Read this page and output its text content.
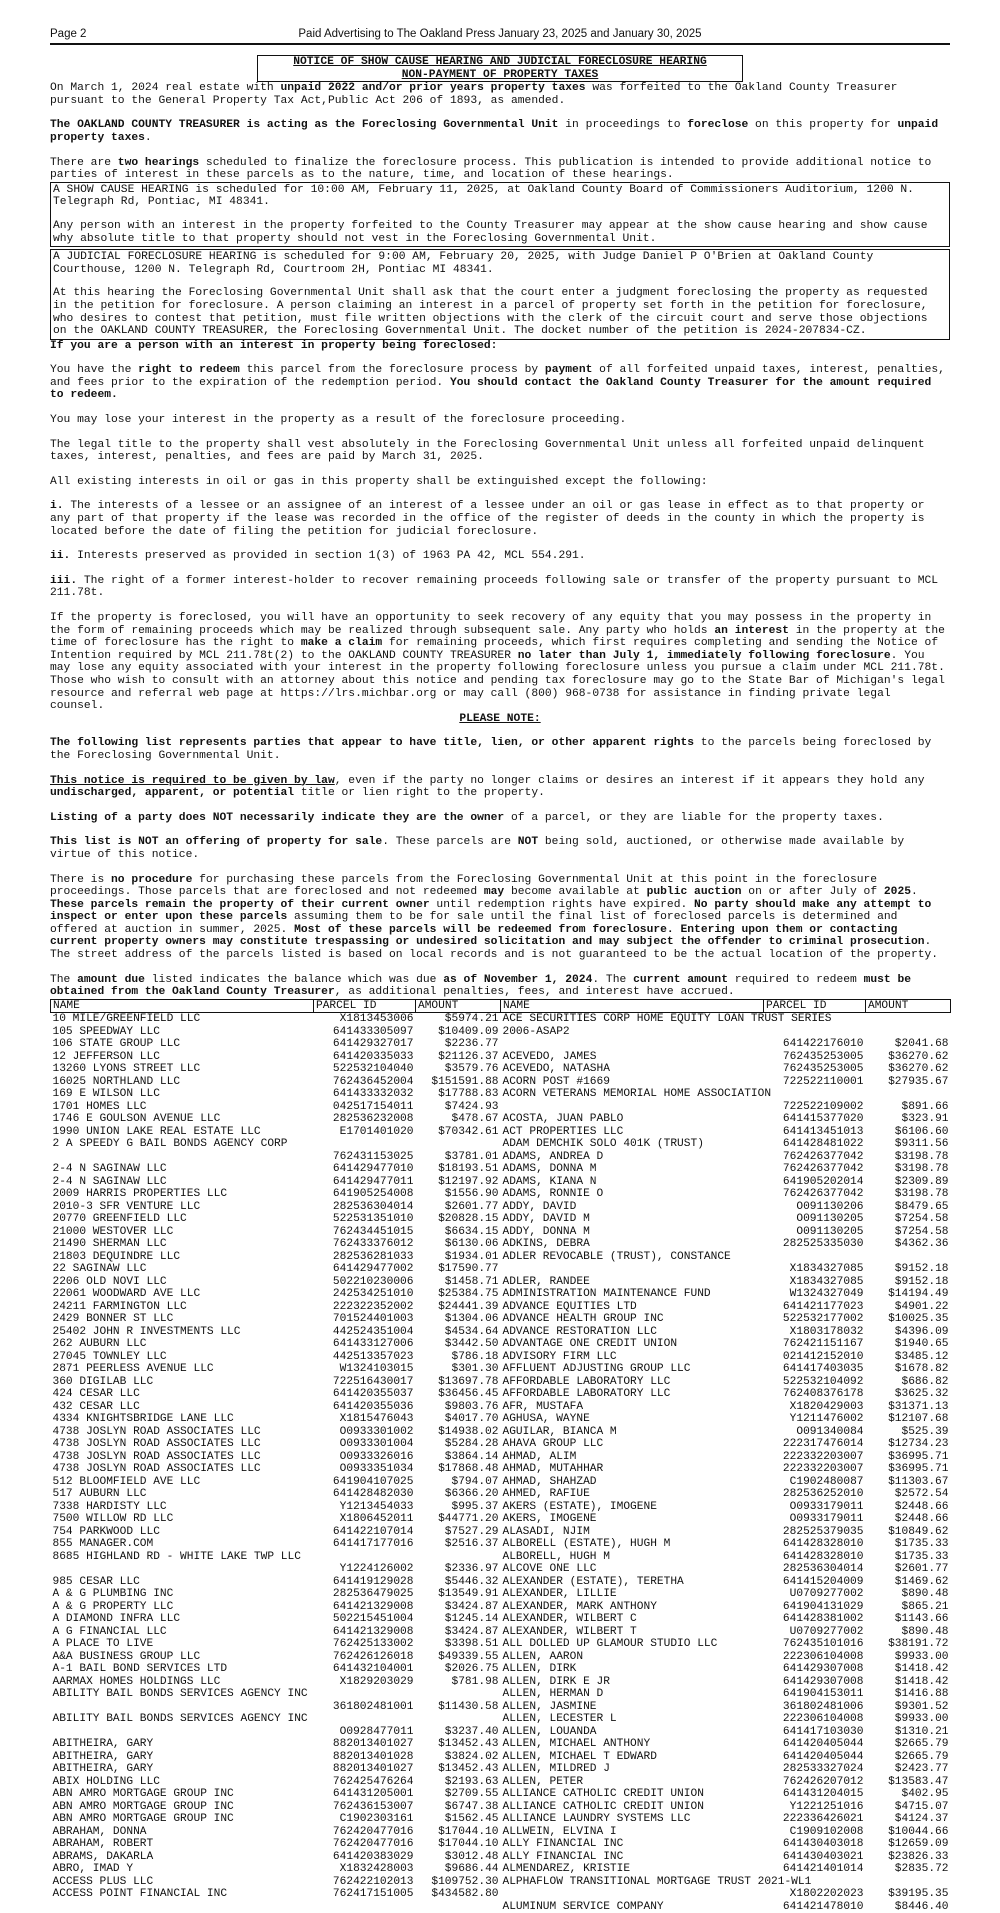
Page 2	Paid Advertising to The Oakland Press January 23, 2025 and January 30, 2025
NOTICE OF SHOW CAUSE HEARING AND JUDICIAL FORECLOSURE HEARING
NON-PAYMENT OF PROPERTY TAXES

On March 1, 2024 real estate with unpaid 2022 and/or prior years property taxes was forfeited to the Oakland County Treasurer pursuant to the General Property Tax Act,Public Act 206 of 1893, as amended.

The OAKLAND COUNTY TREASURER is acting as the Foreclosing Governmental Unit in proceedings to foreclose on this property for unpaid property taxes.

There are two hearings scheduled to finalize the foreclosure process. This publication is intended to provide additional notice to parties of interest in these parcels as to the nature, time, and location of these hearings.

A SHOW CAUSE HEARING is scheduled for 10:00 AM, February 11, 2025, at Oakland County Board of Commissioners Auditorium, 1200 N. Telegraph Rd, Pontiac, MI 48341.

Any person with an interest in the property forfeited to the County Treasurer may appear at the show cause hearing and show cause why absolute title to that property should not vest in the Foreclosing Governmental Unit.

A JUDICIAL FORECLOSURE HEARING is scheduled for 9:00 AM, February 20, 2025, with Judge Daniel P O'Brien at Oakland County Courthouse, 1200 N. Telegraph Rd, Courtroom 2H, Pontiac MI 48341.

At this hearing the Foreclosing Governmental Unit shall ask that the court enter a judgment foreclosing the property as requested in the petition for foreclosure. A person claiming an interest in a parcel of property set forth in the petition for foreclosure, who desires to contest that petition, must file written objections with the clerk of the circuit court and serve those objections on the OAKLAND COUNTY TREASURER, the Foreclosing Governmental Unit. The docket number of the petition is 2024-207834-CZ.

If you are a person with an interest in property being foreclosed:

You have the right to redeem this parcel from the foreclosure process by payment of all forfeited unpaid taxes, interest, penalties, and fees prior to the expiration of the redemption period. You should contact the Oakland County Treasurer for the amount required to redeem.

You may lose your interest in the property as a result of the foreclosure proceeding.

The legal title to the property shall vest absolutely in the Foreclosing Governmental Unit unless all forfeited unpaid delinquent taxes, interest, penalties, and fees are paid by March 31, 2025.

All existing interests in oil or gas in this property shall be extinguished except the following:

i. The interests of a lessee or an assignee of an interest of a lessee under an oil or gas lease in effect as to that property or any part of that property if the lease was recorded in the office of the register of deeds in the county in which the property is located before the date of filing the petition for judicial foreclosure.

ii. Interests preserved as provided in section 1(3) of 1963 PA 42, MCL 554.291.

iii. The right of a former interest-holder to recover remaining proceeds following sale or transfer of the property pursuant to MCL 211.78t.

If the property is foreclosed, you will have an opportunity to seek recovery of any equity that you may possess in the property in the form of remaining proceeds which may be realized through subsequent sale. Any party who holds an interest in the property at the time of foreclosure has the right to make a claim for remaining proceeds, which first requires completing and sending the Notice of Intention required by MCL 211.78t(2) to the OAKLAND COUNTY TREASURER no later than July 1, immediately following foreclosure. You may lose any equity associated with your interest in the property following foreclosure unless you pursue a claim under MCL 211.78t. Those who wish to consult with an attorney about this notice and pending tax foreclosure may go to the State Bar of Michigan's legal resource and referral web page at https://lrs.michbar.org or may call (800) 968-0738 for assistance in finding private legal counsel.

PLEASE NOTE:

The following list represents parties that appear to have title, lien, or other apparent rights to the parcels being foreclosed by the Foreclosing Governmental Unit.

This notice is required to be given by law, even if the party no longer claims or desires an interest if it appears they hold any undischarged, apparent, or potential title or lien right to the property.

Listing of a party does NOT necessarily indicate they are the owner of a parcel, or they are liable for the property taxes.

This list is NOT an offering of property for sale. These parcels are NOT being sold, auctioned, or otherwise made available by virtue of this notice.

There is no procedure for purchasing these parcels from the Foreclosing Governmental Unit at this point in the foreclosure proceedings. Those parcels that are foreclosed and not redeemed may become available at public auction on or after July of 2025. These parcels remain the property of their current owner until redemption rights have expired. No party should make any attempt to inspect or enter upon these parcels assuming them to be for sale until the final list of foreclosed parcels is determined and offered at auction in summer, 2025. Most of these parcels will be redeemed from foreclosure. Entering upon them or contacting current property owners may constitute trespassing or undesired solicitation and may subject the offender to criminal prosecution. The street address of the parcels listed is based on local records and is not guaranteed to be the actual location of the property.

The amount due listed indicates the balance which was due as of November 1, 2024. The current amount required to redeem must be obtained from the Oakland County Treasurer, as additional penalties, fees, and interest have accrued.

NAME	PARCEL ID	AMOUNT	NAME	PARCEL ID	AMOUNT
10 MILE/GREENFIELD LLC	X1813453006	$5974.21	ACE SECURITIES CORP HOME EQUITY LOAN TRUST SERIES		
105 SPEEDWAY LLC	641433305097	$10409.09	2006-ASAP2		
106 STATE GROUP LLC	641429327017	$2236.77		641422176010	$2041.68
12 JEFFERSON LLC	641420335033	$21126.37	ACEVEDO, JAMES	762435253005	$36270.62
13260 LYONS STREET LLC	522532104040	$3579.76	ACEVEDO, NATASHA	762435253005	$36270.62
16025 NORTHLAND LLC	762436452004	$151591.88	ACORN POST #1669	722522110001	$27935.67
169 E WILSON LLC	641433332032	$17788.83	ACORN VETERANS MEMORIAL HOME ASSOCIATION		
1701 HOMES LLC	042517154011	$7424.93		722522109002	$891.66
1746 E GOULSON AVENUE LLC	282536232008	$478.67	ACOSTA, JUAN PABLO	641415377020	$323.91
1990 UNION LAKE REAL ESTATE LLC	E1701401020	$70342.61	ACT PROPERTIES LLC	641413451013	$6106.60
2 A SPEEDY G BAIL BONDS AGENCY CORP			ADAM DEMCHIK SOLO 401K (TRUST)	641428481022	$9311.56
	762431153025	$3781.01	ADAMS, ANDREA D	762426377042	$3198.78
2-4 N SAGINAW LLC	641429477010	$18193.51	ADAMS, DONNA M	762426377042	$3198.78
2-4 N SAGINAW LLC	641429477011	$12197.92	ADAMS, KIANA N	641905202014	$2309.89
2009 HARRIS PROPERTIES LLC	641905254008	$1556.90	ADAMS, RONNIE O	762426377042	$3198.78
2010-3 SFR VENTURE LLC	282536304014	$2601.77	ADDY, DAVID	O091130206	$8479.65
20770 GREENFIELD LLC	522531351010	$20828.15	ADDY, DAVID M	O091130205	$7254.58
21000 WESTOVER LLC	762434451015	$6634.15	ADDY, DONNA M	O091130205	$7254.58
21490 SHERMAN LLC	762433376012	$6130.06	ADKINS, DEBRA	282525335030	$4362.36
21803 DEQUINDRE LLC	282536281033	$1934.01	ADLER REVOCABLE (TRUST), CONSTANCE		
22 SAGINAW LLC	641429477002	$17590.77		X1834327085	$9152.18
2206 OLD NOVI LLC	502210230006	$1458.71	ADLER, RANDEE	X1834327085	$9152.18
22061 WOODWARD AVE LLC	242534251010	$25384.75	ADMINISTRATION MAINTENANCE FUND	W1324327049	$14194.49
24211 FARMINGTON LLC	222322352002	$24441.39	ADVANCE EQUITIES LTD	641421177023	$4901.22
2429 BONNER ST LLC	701524401003	$1304.06	ADVANCE HEALTH GROUP INC	522532177002	$10025.35
25402 JOHN R INVESTMENTS LLC	442524351004	$4534.64	ADVANCE RESTORATION LLC	X1803178032	$4396.09
262 AUBURN LLC	641433127006	$3442.50	ADVANTAGE ONE CREDIT UNION	762421151167	$1940.65
27045 TOWNLEY LLC	442513357023	$786.18	ADVISORY FIRM LLC	021412152010	$3485.12
2871 PEERLESS AVENUE LLC	W1324103015	$301.30	AFFLUENT ADJUSTING GROUP LLC	641417403035	$1678.82
360 DIGILAB LLC	722516430017	$13697.78	AFFORDABLE LABORATORY LLC	522532104092	$686.82
424 CESAR LLC	641420355037	$36456.45	AFFORDABLE LABORATORY LLC	762408376178	$3625.32
432 CESAR LLC	641420355036	$9803.76	AFR, MUSTAFA	X1820429003	$31371.13
4334 KNIGHTSBRIDGE LANE LLC	X1815476043	$4017.70	AGHUSA, WAYNE	Y1211476002	$12107.68
4738 JOSLYN ROAD ASSOCIATES LLC	O0933301002	$14938.02	AGUILAR, BIANCA M	O091340084	$525.39
4738 JOSLYN ROAD ASSOCIATES LLC	O0933301004	$5284.28	AHAVA GROUP LLC	222317476014	$12734.23
4738 JOSLYN ROAD ASSOCIATES LLC	O0933326016	$3864.14	AHMAD, ALIM	222332203007	$36995.71
4738 JOSLYN ROAD ASSOCIATES LLC	O0933351034	$17868.48	AHMAD, MUTAHHAR	222332203007	$36995.71
512 BLOOMFIELD AVE LLC	641904107025	$794.07	AHMAD, SHAHZAD	C1902480087	$11303.67
517 AUBURN LLC	641428482030	$6366.20	AHMED, RAFIUE	282536252010	$2572.54
7338 HARDISTY LLC	Y1213454033	$995.37	AKERS (ESTATE), IMOGENE	O0933179011	$2448.66
7500 WILLOW RD LLC	X1806452011	$44771.20	AKERS, IMOGENE	O0933179011	$2448.66
754 PARKWOOD LLC	641422107014	$7527.29	ALASADI, NJIM	282525379035	$10849.62
855 MANAGER.COM	641417177016	$2516.37	ALBORELL (ESTATE), HUGH M	641428328010	$1735.33
8685 HIGHLAND RD - WHITE LAKE TWP LLC			ALBORELL, HUGH M	641428328010	$1735.33
	Y1224126002	$2336.97	ALCOVE ONE LLC	282536304014	$2601.77
985 CESAR LLC	641419129028	$5446.32	ALEXANDER (ESTATE), TERETHA	641415204009	$1469.62
A & G PLUMBING INC	282536479025	$13549.91	ALEXANDER, LILLIE	U0709277002	$890.48
A & G PROPERTY LLC	641421329008	$3424.87	ALEXANDER, MARK ANTHONY	641904131029	$865.21
A DIAMOND INFRA LLC	502215451004	$1245.14	ALEXANDER, WILBERT C	641428381002	$1143.66
A G FINANCIAL LLC	641421329008	$3424.87	ALEXANDER, WILBERT T	U0709277002	$890.48
A PLACE TO LIVE	762425133002	$3398.51	ALL DOLLED UP GLAMOUR STUDIO LLC	762435101016	$38191.72
A&A BUSINESS GROUP LLC	762426126018	$49339.55	ALLEN, AARON	222306104008	$9933.00
A-1 BAIL BOND SERVICES LTD	641432104001	$2026.75	ALLEN, DIRK	641429307008	$1418.42
AARMAX HOMES HOLDINGS LLC	X1829203029	$781.98	ALLEN, DIRK E JR	641429307008	$1418.42
ABILITY BAIL BONDS SERVICES AGENCY INC			ALLEN, HERMAN D	641904153011	$1416.88
	361802481001	$11430.58	ALLEN, JASMINE	361802481006	$9301.52
ABILITY BAIL BONDS SERVICES AGENCY INC			ALLEN, LECESTER L	222306104008	$9933.00
	O0928477011	$3237.40	ALLEN, LOUANDA	641417103030	$1310.21
ABITHEIRA, GARY	882013401027	$13452.43	ALLEN, MICHAEL ANTHONY	641420405044	$2665.79
ABITHEIRA, GARY	882013401028	$3824.02	ALLEN, MICHAEL T EDWARD	641420405044	$2665.79
ABITHEIRA, GARY	882013401027	$13452.43	ALLEN, MILDRED J	282533327024	$2423.77
ABIX HOLDING LLC	762425476264	$2193.63	ALLEN, PETER	762426207012	$13583.47
ABN AMRO MORTGAGE GROUP INC	641431205001	$2709.55	ALLIANCE CATHOLIC CREDIT UNION	641431204015	$402.95
ABN AMRO MORTGAGE GROUP INC	762436153007	$6747.38	ALLIANCE CATHOLIC CREDIT UNION	Y1221251016	$4715.07
ABN AMRO MORTGAGE GROUP INC	C1902303161	$1562.45	ALLIANCE LAUNDRY SYSTEMS LLC	222336426021	$4124.37
ABRAHAM, DONNA	762420477016	$17044.10	ALLWEIN, ELVINA I	C1909102008	$10044.66
ABRAHAM, ROBERT	762420477016	$17044.10	ALLY FINANCIAL INC	641430403018	$12659.09
ABRAMS, DAKARLA	641420383029	$3012.48	ALLY FINANCIAL INC	641430403021	$23826.33
ABRO, IMAD Y	X1832428003	$9686.44	ALMENDAREZ, KRISTIE	641421401014	$2835.72
ACCESS PLUS LLC	762422102013	$109752.30	ALPHAFLOW TRANSITIONAL MORTGAGE TRUST 2021-WL1		
ACCESS POINT FINANCIAL INC	762417151005	$434582.80		X1802202023	$39195.35
			ALUMINUM SERVICE COMPANY	641421478010	$8446.40
